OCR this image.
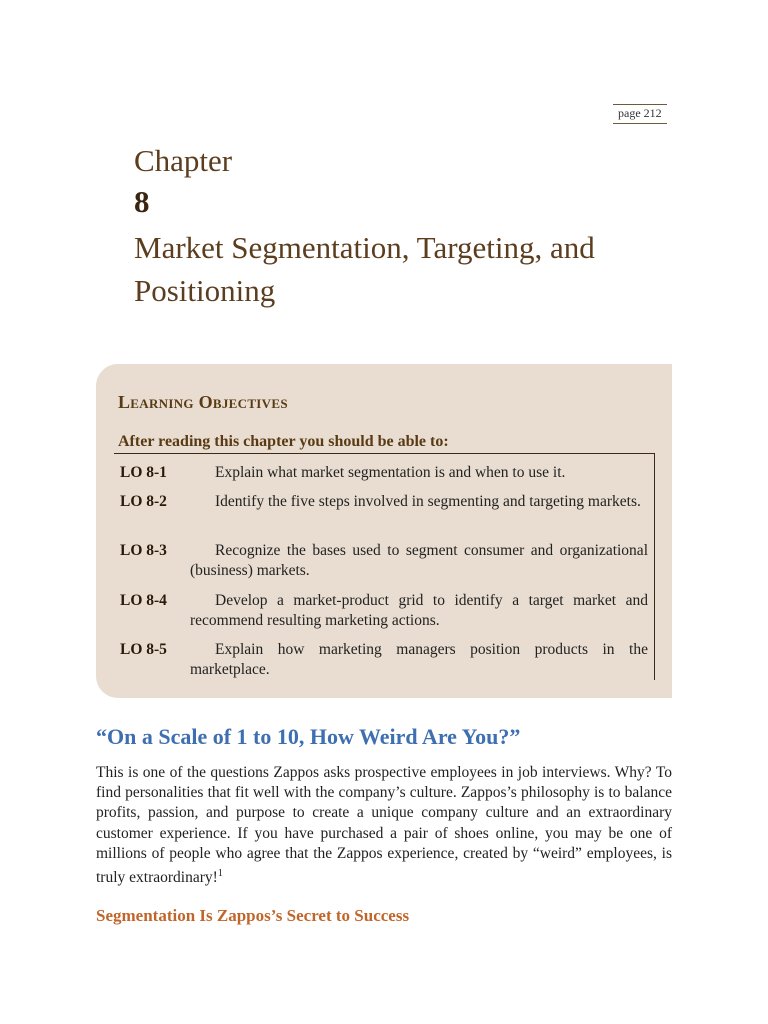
page 212
Chapter
8
Market Segmentation, Targeting, and Positioning
Learning Objectives
After reading this chapter you should be able to:
LO 8-1	Explain what market segmentation is and when to use it.
LO 8-2	Identify the five steps involved in segmenting and targeting markets.
LO 8-3	Recognize the bases used to segment consumer and organizational (business) markets.
LO 8-4	Develop a market-product grid to identify a target market and recommend resulting marketing actions.
LO 8-5	Explain how marketing managers position products in the marketplace.
“On a Scale of 1 to 10, How Weird Are You?”
This is one of the questions Zappos asks prospective employees in job interviews. Why? To find personalities that fit well with the company’s culture. Zappos’s philosophy is to balance profits, passion, and purpose to create a unique company culture and an extraordinary customer experience. If you have purchased a pair of shoes online, you may be one of millions of people who agree that the Zappos experience, created by “weird” employees, is truly extraordinary!$^1$
Segmentation Is Zappos’s Secret to Success
